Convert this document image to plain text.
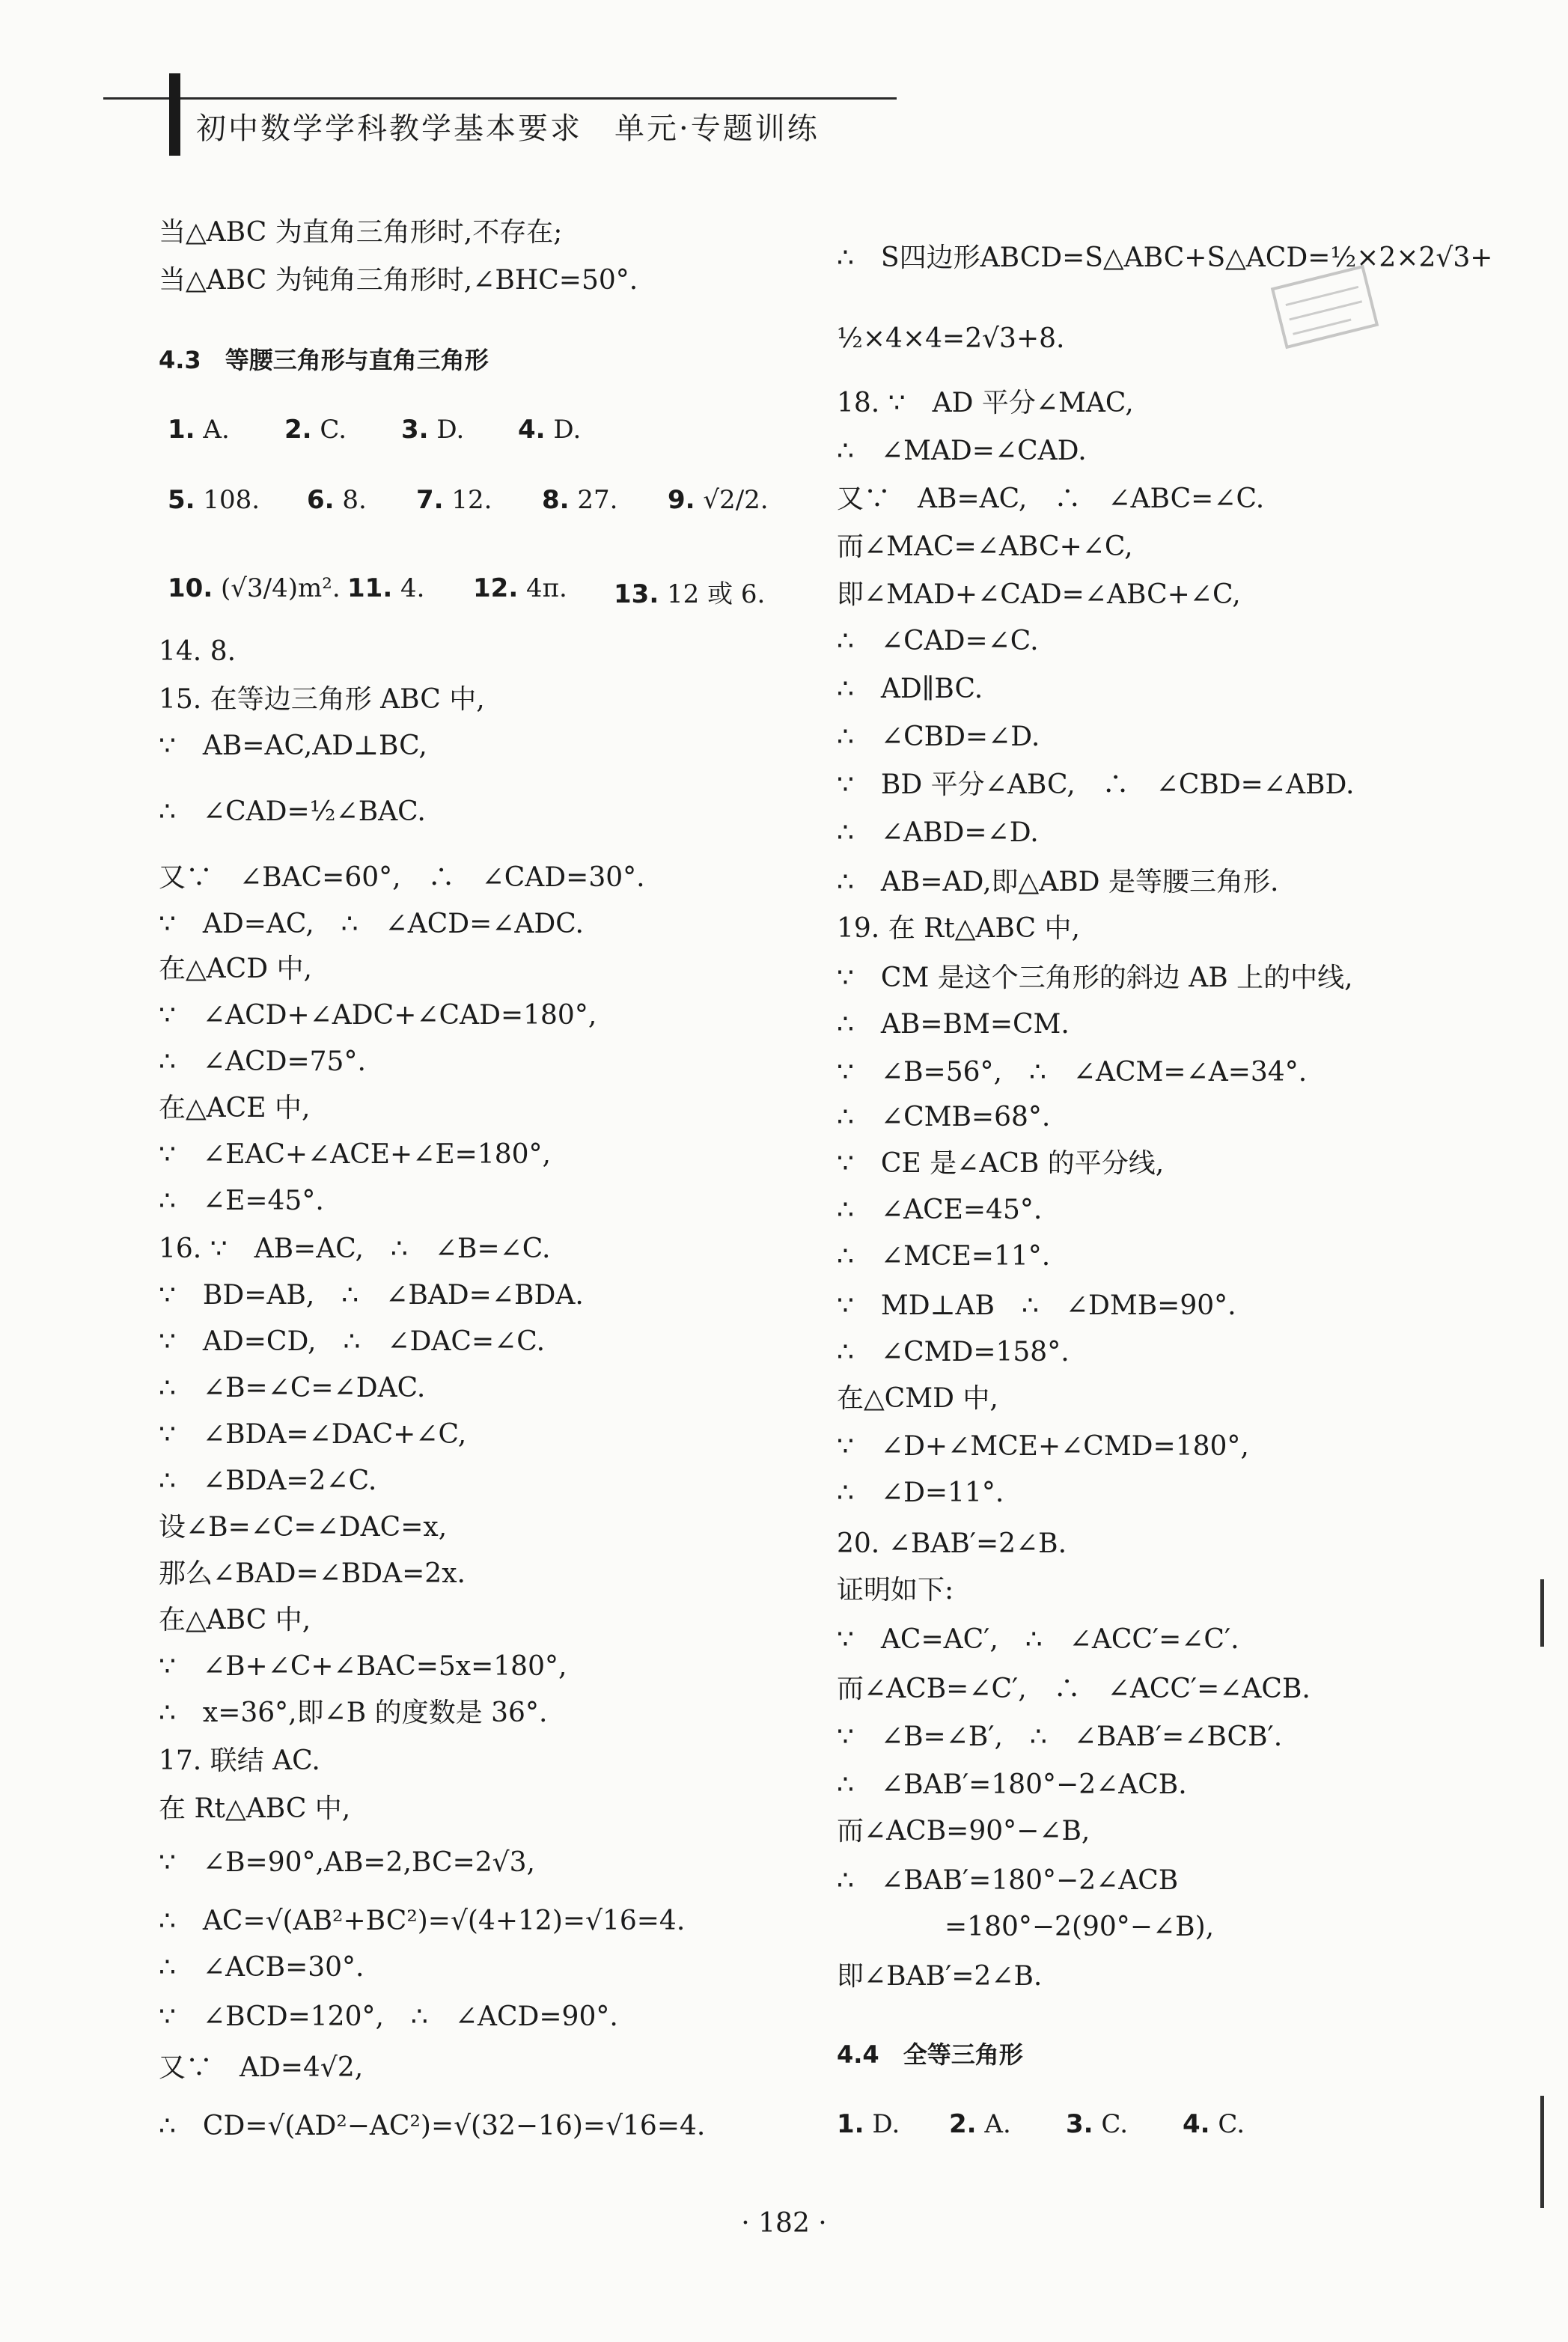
初中数学学科教学基本要求　单元·专题训练
当△ABC 为直角三角形时,不存在;
当△ABC 为钝角三角形时,∠BHC=50°.
4.3　等腰三角形与直角三角形
1. A. 2. C. 3. D. 4. D.
5. 108. 6. 8. 7. 12. 8. 27. 9. √2/2.
10. (√3/4)m². 11. 4. 12. 4π. 13. 12 或 6.
14. 8.
15. 在等边三角形 ABC 中,
∵　AB=AC,AD⊥BC,
∴　∠CAD=½∠BAC.
又∵　∠BAC=60°,　∴　∠CAD=30°.
∵　AD=AC,　∴　∠ACD=∠ADC.
在△ACD 中,
∵　∠ACD+∠ADC+∠CAD=180°,
∴　∠ACD=75°.
在△ACE 中,
∵　∠EAC+∠ACE+∠E=180°,
∴　∠E=45°.
16. ∵　AB=AC,　∴　∠B=∠C.
∵　BD=AB,　∴　∠BAD=∠BDA.
∵　AD=CD,　∴　∠DAC=∠C.
∴　∠B=∠C=∠DAC.
∵　∠BDA=∠DAC+∠C,
∴　∠BDA=2∠C.
设∠B=∠C=∠DAC=x,
那么∠BAD=∠BDA=2x.
在△ABC 中,
∵　∠B+∠C+∠BAC=5x=180°,
∴　x=36°,即∠B 的度数是 36°.
17. 联结 AC.
在 Rt△ABC 中,
∵　∠B=90°,AB=2,BC=2√3,
∴　AC=√(AB²+BC²)=√(4+12)=√16=4.
∴　∠ACB=30°.
∵　∠BCD=120°,　∴　∠ACD=90°.
又∵　AD=4√2,
∴　CD=√(AD²−AC²)=√(32−16)=√16=4.
∴　S四边形ABCD=S△ABC+S△ACD=½×2×2√3+
½×4×4=2√3+8.
18. ∵　AD 平分∠MAC,
∴　∠MAD=∠CAD.
又∵　AB=AC,　∴　∠ABC=∠C.
而∠MAC=∠ABC+∠C,
即∠MAD+∠CAD=∠ABC+∠C,
∴　∠CAD=∠C.
∴　AD∥BC.
∴　∠CBD=∠D.
∵　BD 平分∠ABC,　∴　∠CBD=∠ABD.
∴　∠ABD=∠D.
∴　AB=AD,即△ABD 是等腰三角形.
19. 在 Rt△ABC 中,
∵　CM 是这个三角形的斜边 AB 上的中线,
∴　AB=BM=CM.
∵　∠B=56°,　∴　∠ACM=∠A=34°.
∴　∠CMB=68°.
∵　CE 是∠ACB 的平分线,
∴　∠ACE=45°.
∴　∠MCE=11°.
∵　MD⊥AB　∴　∠DMB=90°.
∴　∠CMD=158°.
在△CMD 中,
∵　∠D+∠MCE+∠CMD=180°,
∴　∠D=11°.
20. ∠BAB′=2∠B.
证明如下:
∵　AC=AC′,　∴　∠ACC′=∠C′.
而∠ACB=∠C′,　∴　∠ACC′=∠ACB.
∵　∠B=∠B′,　∴　∠BAB′=∠BCB′.
∴　∠BAB′=180°−2∠ACB.
而∠ACB=90°−∠B,
∴　∠BAB′=180°−2∠ACB
　　　　=180°−2(90°−∠B),
即∠BAB′=2∠B.
4.4　全等三角形
1. D. 2. A. 3. C. 4. C.
· 182 ·
